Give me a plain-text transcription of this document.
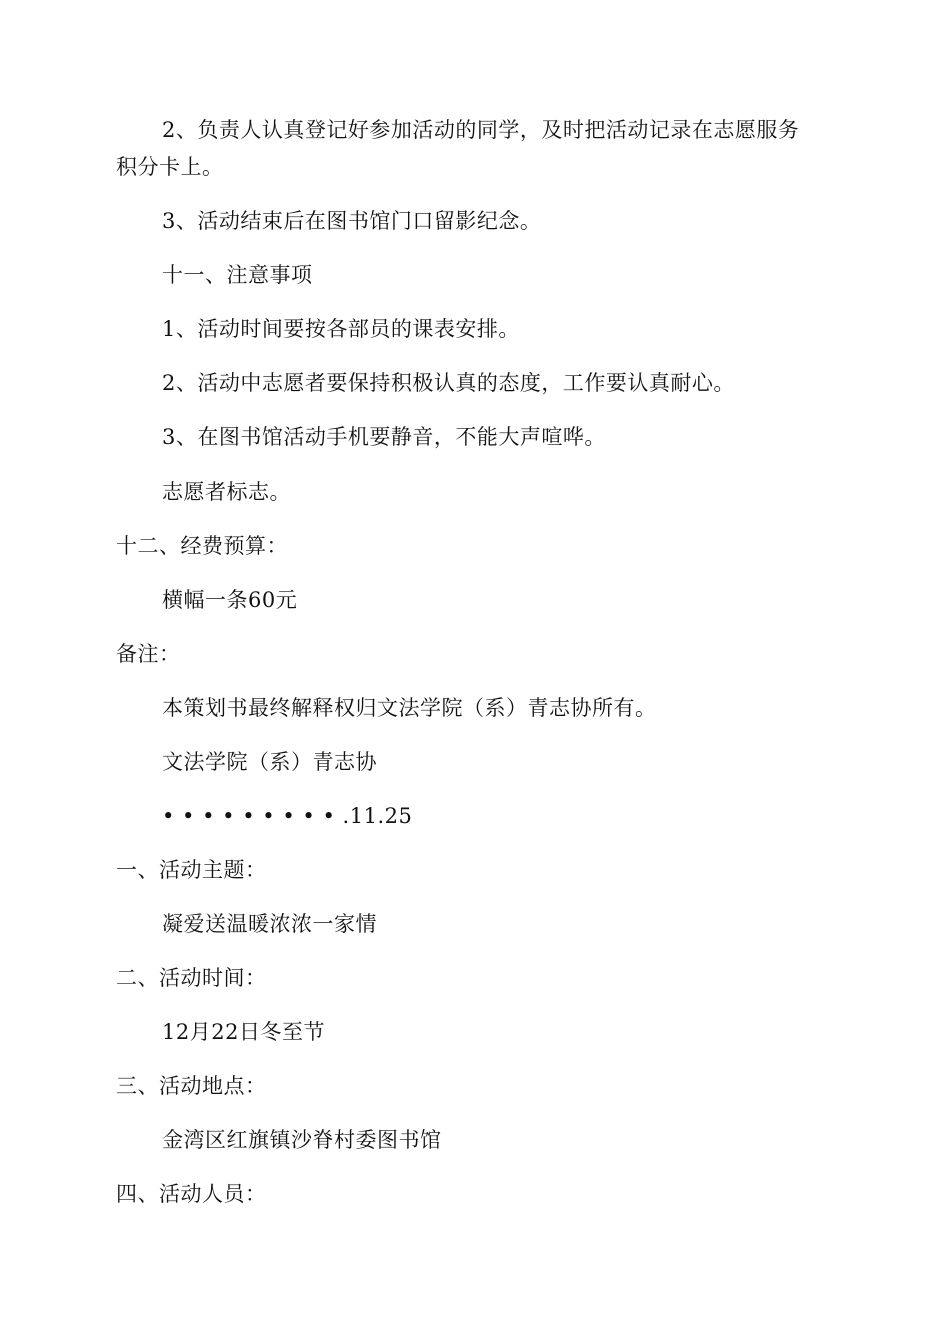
2、负责人认真登记好参加活动的同学，及时把活动记录在志愿服务
积分卡上。
3、活动结束后在图书馆门口留影纪念。
十一、注意事项
1、活动时间要按各部员的课表安排。
2、活动中志愿者要保持积极认真的态度，工作要认真耐心。
3、在图书馆活动手机要静音，不能大声喧哗。
志愿者标志。
十二、经费预算：
横幅一条60元
备注：
本策划书最终解释权归文法学院（系）青志协所有。
文法学院（系）青志协
• • • • • • • • • .11.25
一、活动主题：
凝爱送温暖浓浓一家情
二、活动时间：
12月22日冬至节
三、活动地点：
金湾区红旗镇沙脊村委图书馆
四、活动人员：
